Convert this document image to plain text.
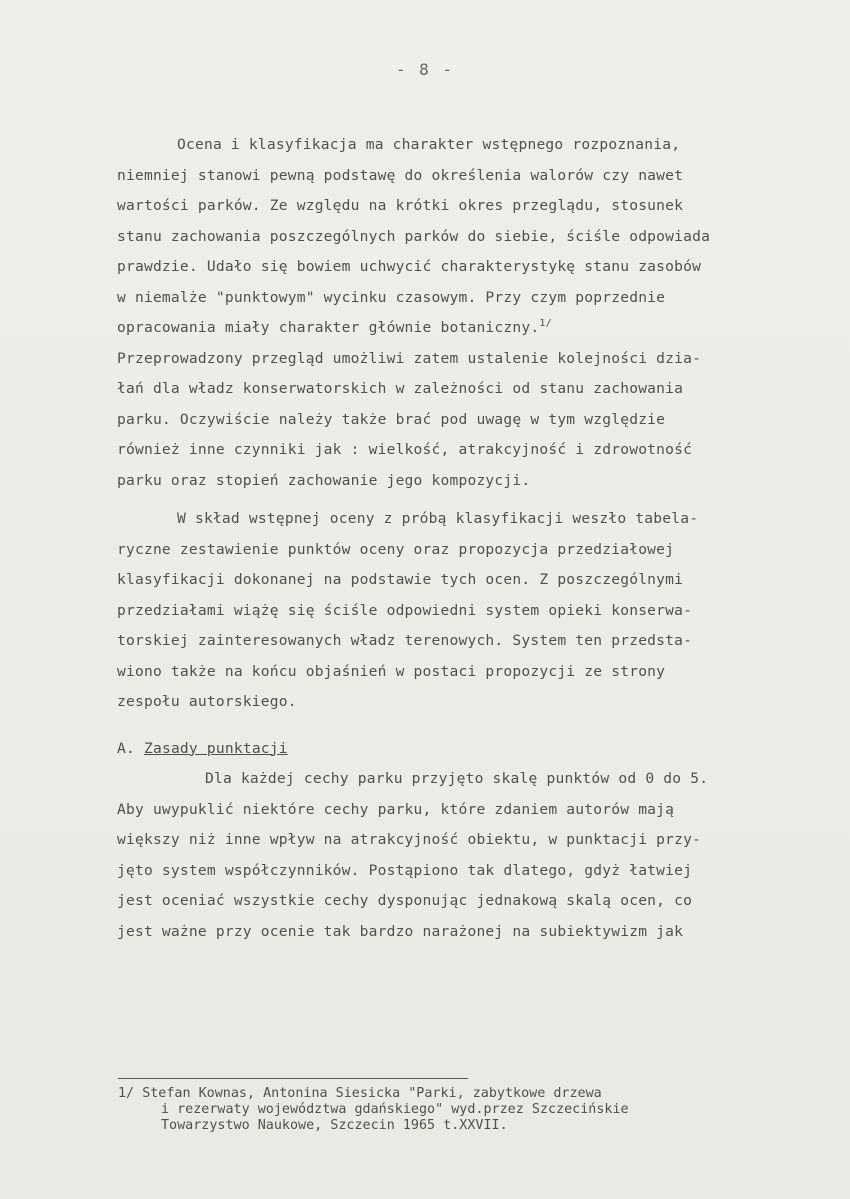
- 8 -
Ocena i klasyfikacja ma charakter wstępnego rozpoznania,
niemniej stanowi pewną podstawę do określenia walorów czy nawet
wartości parków. Ze względu na krótki okres przeglądu, stosunek
stanu zachowania poszczególnych parków do siebie, ściśle odpowiada
prawdzie. Udało się bowiem uchwycić charakterystykę stanu zasobów
w niemalże "punktowym" wycinku czasowym. Przy czym poprzednie
opracowania miały charakter głównie botaniczny.$^{1/}$
Przeprowadzony przegląd umożliwi zatem ustalenie kolejności dzia-
łań dla władz konserwatorskich w zależności od stanu zachowania
parku. Oczywiście należy także brać pod uwagę w tym względzie
również inne czynniki jak : wielkość, atrakcyjność i zdrowotność
parku oraz stopień zachowanie jego kompozycji.
W skład wstępnej oceny z próbą klasyfikacji weszło tabela-
ryczne zestawienie punktów oceny oraz propozycja przedziałowej
klasyfikacji dokonanej na podstawie tych ocen. Z poszczególnymi
przedziałami wiążę się ściśle odpowiedni system opieki konserwa-
torskiej zainteresowanych władz terenowych. System ten przedsta-
wiono także na końcu objaśnień w postaci propozycji ze strony
zespołu autorskiego.
A. Zasady punktacji
Dla każdej cechy parku przyjęto skalę punktów od 0 do 5.
Aby uwypuklić niektóre cechy parku, które zdaniem autorów mają
większy niż inne wpływ na atrakcyjność obiektu, w punktacji przy-
jęto system współczynników. Postąpiono tak dlatego, gdyż łatwiej
jest oceniać wszystkie cechy dysponując jednakową skalą ocen, co
jest ważne przy ocenie tak bardzo narażonej na subiektywizm jak
1/ Stefan Kownas, Antonina Siesicka "Parki, zabytkowe drzewa
i rezerwaty województwa gdańskiego" wyd.przez Szczecińskie
Towarzystwo Naukowe, Szczecin 1965 t.XXVII.
